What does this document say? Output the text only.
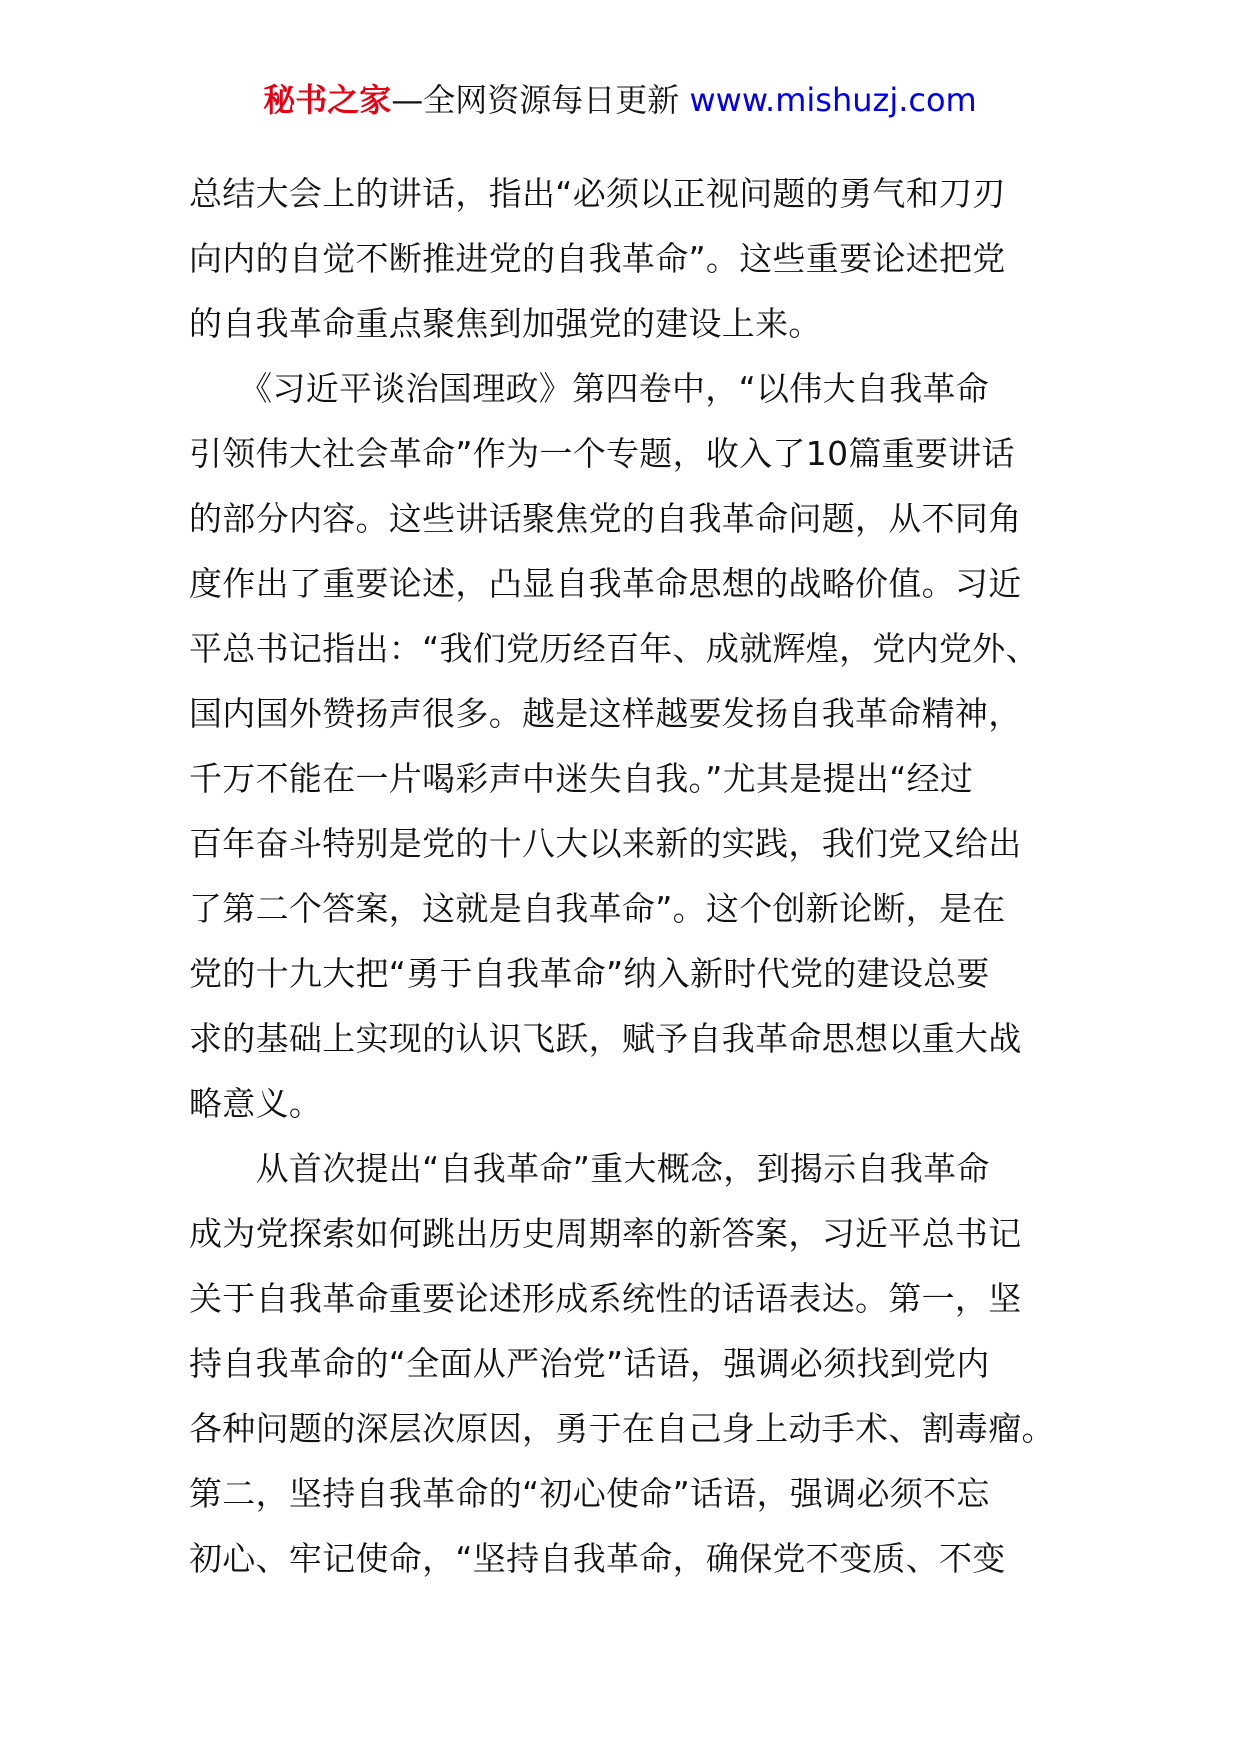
秘书之家—全网资源每日更新 www.mishuzj.com
总结大会上的讲话，指出“必须以正视问题的勇气和刀刃
向内的自觉不断推进党的自我革命”。这些重要论述把党
的自我革命重点聚焦到加强党的建设上来。
　　《习近平谈治国理政》第四卷中，“以伟大自我革命
引领伟大社会革命”作为一个专题，收入了10篇重要讲话
的部分内容。这些讲话聚焦党的自我革命问题，从不同角
度作出了重要论述，凸显自我革命思想的战略价值。习近
平总书记指出：“我们党历经百年、成就辉煌，党内党外、
国内国外赞扬声很多。越是这样越要发扬自我革命精神，
千万不能在一片喝彩声中迷失自我。”尤其是提出“经过
百年奋斗特别是党的十八大以来新的实践，我们党又给出
了第二个答案，这就是自我革命”。这个创新论断，是在
党的十九大把“勇于自我革命”纳入新时代党的建设总要
求的基础上实现的认识飞跃，赋予自我革命思想以重大战
略意义。
　　从首次提出“自我革命”重大概念，到揭示自我革命
成为党探索如何跳出历史周期率的新答案，习近平总书记
关于自我革命重要论述形成系统性的话语表达。第一，坚
持自我革命的“全面从严治党”话语，强调必须找到党内
各种问题的深层次原因，勇于在自己身上动手术、割毒瘤。
第二，坚持自我革命的“初心使命”话语，强调必须不忘
初心、牢记使命，“坚持自我革命，确保党不变质、不变
